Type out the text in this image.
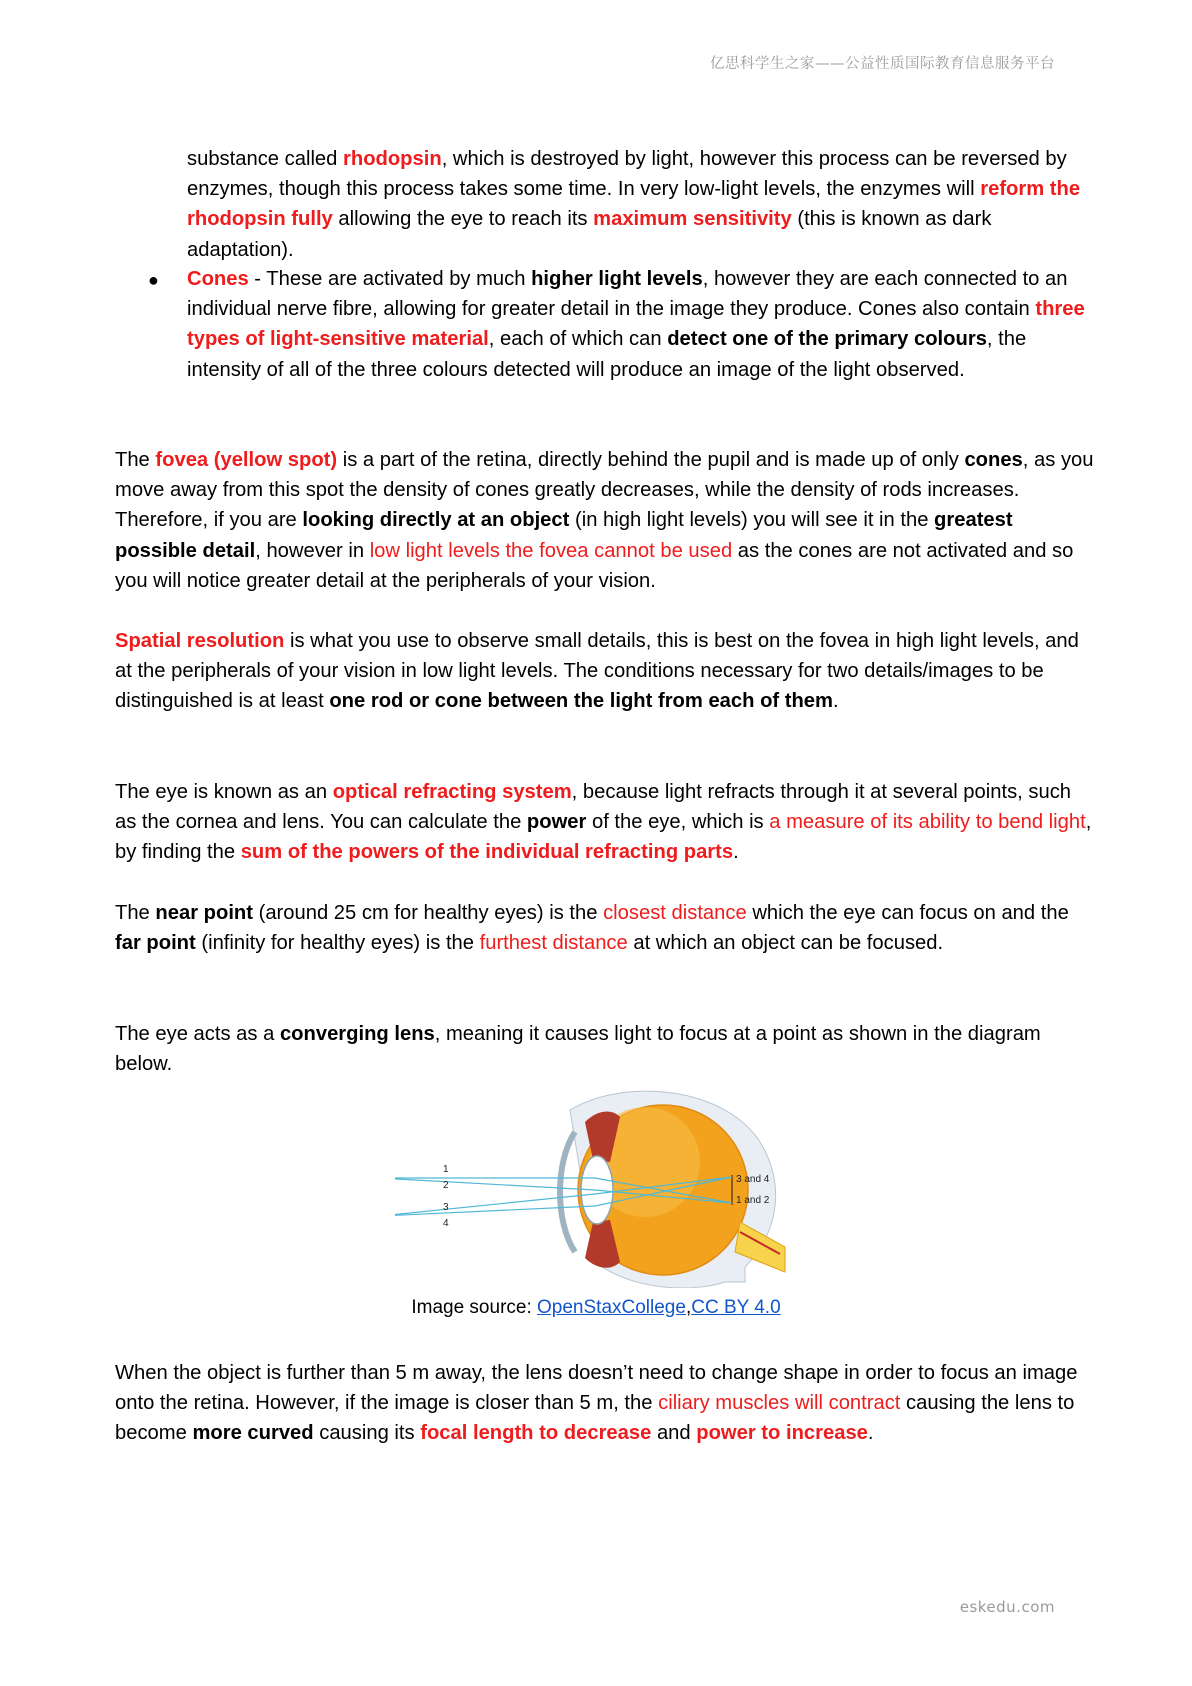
亿思科学生之家——公益性质国际教育信息服务平台

substance called rhodopsin, which is destroyed by light, however this process can be reversed by enzymes, though this process takes some time. In very low-light levels, the enzymes will reform the rhodopsin fully allowing the eye to reach its maximum sensitivity (this is known as dark adaptation).

● Cones - These are activated by much higher light levels, however they are each connected to an individual nerve fibre, allowing for greater detail in the image they produce. Cones also contain three types of light-sensitive material, each of which can detect one of the primary colours, the intensity of all of the three colours detected will produce an image of the light observed.

The fovea (yellow spot) is a part of the retina, directly behind the pupil and is made up of only cones, as you move away from this spot the density of cones greatly decreases, while the density of rods increases. Therefore, if you are looking directly at an object (in high light levels) you will see it in the greatest possible detail, however in low light levels the fovea cannot be used as the cones are not activated and so you will notice greater detail at the peripherals of your vision.

Spatial resolution is what you use to observe small details, this is best on the fovea in high light levels, and at the peripherals of your vision in low light levels. The conditions necessary for two details/images to be distinguished is at least one rod or cone between the light from each of them.

The eye is known as an optical refracting system, because light refracts through it at several points, such as the cornea and lens. You can calculate the power of the eye, which is a measure of its ability to bend light, by finding the sum of the powers of the individual refracting parts.

The near point (around 25 cm for healthy eyes) is the closest distance which the eye can focus on and the far point (infinity for healthy eyes) is the furthest distance at which an object can be focused.

The eye acts as a converging lens, meaning it causes light to focus at a point as shown in the diagram below.

1
2
3
4
3 and 4
1 and 2
Image source: OpenStaxCollege,CC BY 4.0

When the object is further than 5 m away, the lens doesn’t need to change shape in order to focus an image onto the retina. However, if the image is closer than 5 m, the ciliary muscles will contract causing the lens to become more curved causing its focal length to decrease and power to increase.

eskedu.com
